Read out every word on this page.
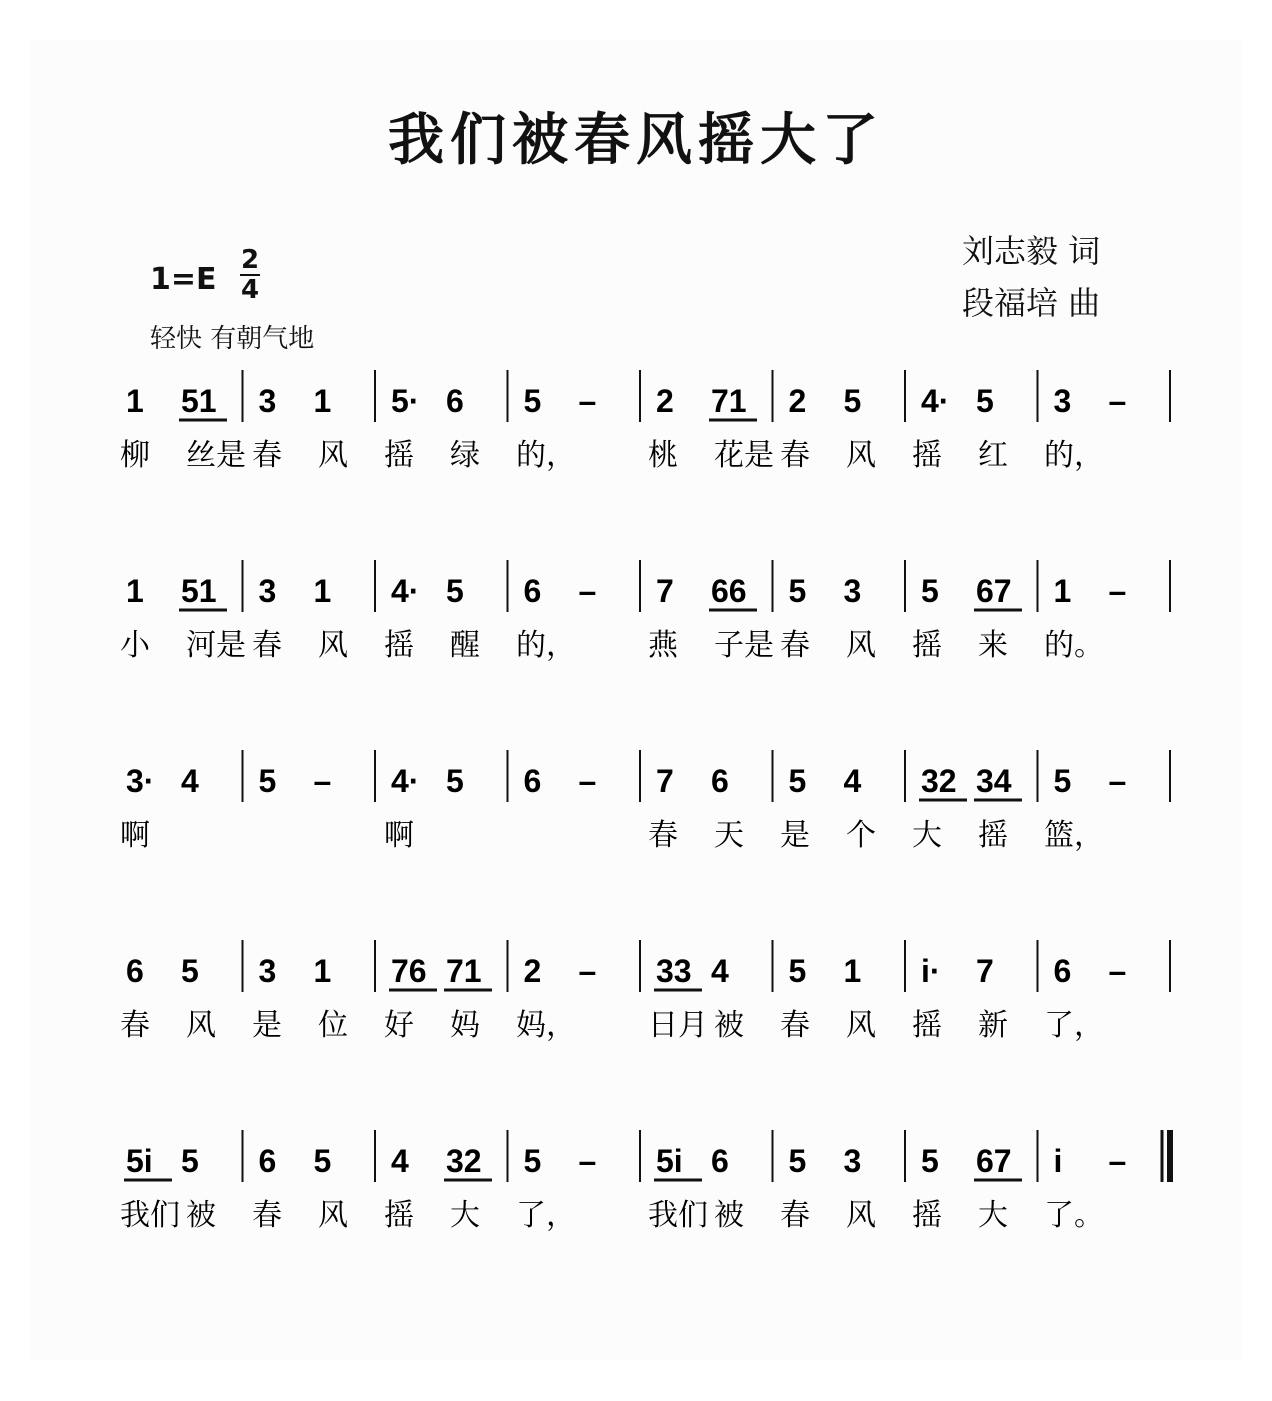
我们被春风摇大了
刘志毅 词
段福培 曲
1=E
2
4
轻快 有朝气地
1 51 3 1 5· 6 5 – 2 71 2 5 4· 5 3 –
柳 丝是 春 风 摇 绿 的， 桃 花是 春 风 摇 红 的，
1 51 3 1 4· 5 6 – 7 66 5 3 5 67 1 –
小 河是 春 风 摇 醒 的， 燕 子是 春 风 摇 来 的。
3· 4 5 – 4· 5 6 – 7 6 5 4 32 34 5 –
啊	啊	春 天 是 个 大 摇 篮，
6 5 3 1 76 71 2 – 33 4 5 1 i· 7 6 –
春 风 是 位 好 妈 妈， 日月 被 春 风 摇 新 了，
5i 5 6 5 4 32 5 – 5i 6 5 3 5 67 i –
我们 被 春 风 摇 大 了， 我们 被 春 风 摇 大 了。
